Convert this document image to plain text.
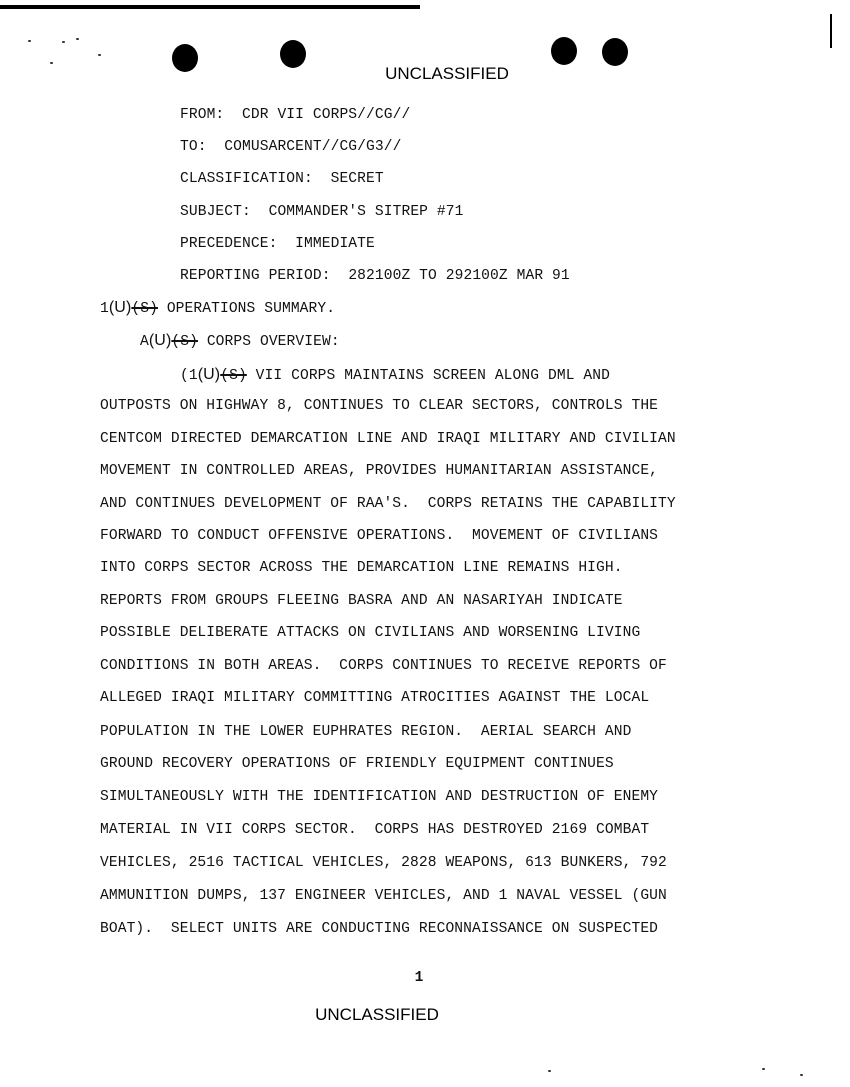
UNCLASSIFIED
FROM: CDR VII CORPS//CG//
TO: COMUSARCENT//CG/G3//
CLASSIFICATION: SECRET
SUBJECT: COMMANDER'S SITREP #71
PRECEDENCE: IMMEDIATE
REPORTING PERIOD: 282100Z TO 292100Z MAR 91
1(U)(S) OPERATIONS SUMMARY.
A(U)(S) CORPS OVERVIEW:
(1(U)(S) VII CORPS MAINTAINS SCREEN ALONG DML AND
OUTPOSTS ON HIGHWAY 8, CONTINUES TO CLEAR SECTORS, CONTROLS THE
CENTCOM DIRECTED DEMARCATION LINE AND IRAQI MILITARY AND CIVILIAN
MOVEMENT IN CONTROLLED AREAS, PROVIDES HUMANITARIAN ASSISTANCE,
AND CONTINUES DEVELOPMENT OF RAA'S.  CORPS RETAINS THE CAPABILITY
FORWARD TO CONDUCT OFFENSIVE OPERATIONS.  MOVEMENT OF CIVILIANS
INTO CORPS SECTOR ACROSS THE DEMARCATION LINE REMAINS HIGH.
REPORTS FROM GROUPS FLEEING BASRA AND AN NASARIYAH INDICATE
POSSIBLE DELIBERATE ATTACKS ON CIVILIANS AND WORSENING LIVING
CONDITIONS IN BOTH AREAS.  CORPS CONTINUES TO RECEIVE REPORTS OF
ALLEGED IRAQI MILITARY COMMITTING ATROCITIES AGAINST THE LOCAL
POPULATION IN THE LOWER EUPHRATES REGION.  AERIAL SEARCH AND
GROUND RECOVERY OPERATIONS OF FRIENDLY EQUIPMENT CONTINUES
SIMULTANEOUSLY WITH THE IDENTIFICATION AND DESTRUCTION OF ENEMY
MATERIAL IN VII CORPS SECTOR.  CORPS HAS DESTROYED 2169 COMBAT
VEHICLES, 2516 TACTICAL VEHICLES, 2828 WEAPONS, 613 BUNKERS, 792
AMMUNITION DUMPS, 137 ENGINEER VEHICLES, AND 1 NAVAL VESSEL (GUN
BOAT).  SELECT UNITS ARE CONDUCTING RECONNAISSANCE ON SUSPECTED
1
UNCLASSIFIED
